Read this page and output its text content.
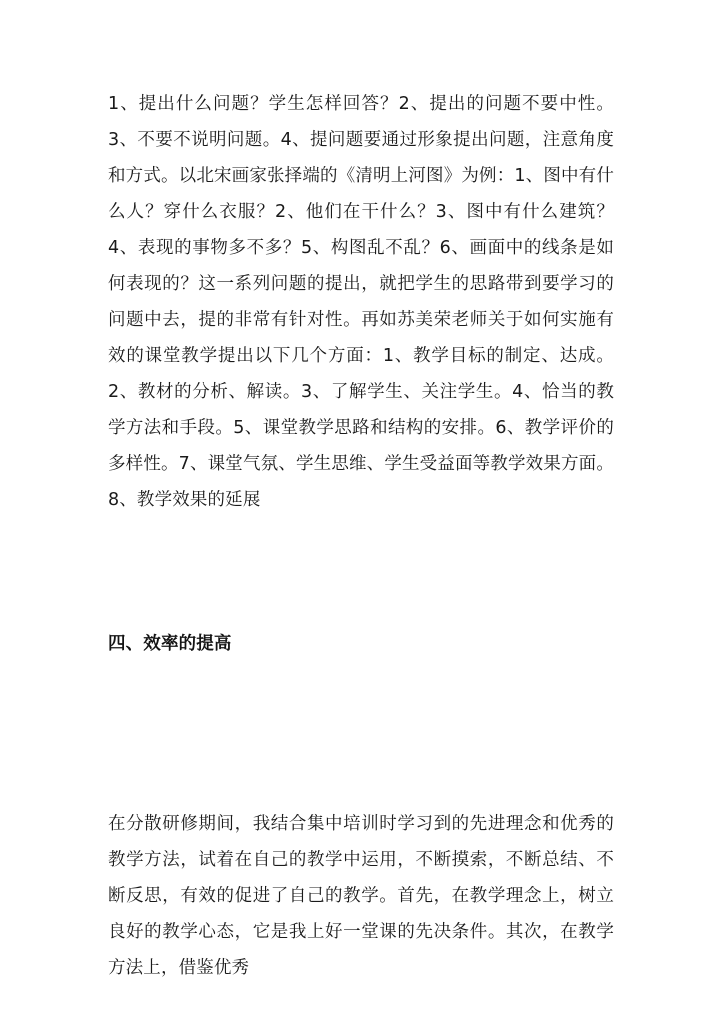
1、提出什么问题？学生怎样回答？2、提出的问题不要中性。3、不要不说明问题。4、提问题要通过形象提出问题，注意角度和方式。以北宋画家张择端的《清明上河图》为例：1、图中有什么人？穿什么衣服？2、他们在干什么？3、图中有什么建筑？4、表现的事物多不多？5、构图乱不乱？6、画面中的线条是如何表现的？这一系列问题的提出，就把学生的思路带到要学习的问题中去，提的非常有针对性。再如苏美荣老师关于如何实施有效的课堂教学提出以下几个方面：1、教学目标的制定、达成。2、教材的分析、解读。3、了解学生、关注学生。4、恰当的教学方法和手段。5、课堂教学思路和结构的安排。6、教学评价的多样性。7、课堂气氛、学生思维、学生受益面等教学效果方面。8、教学效果的延展

四、效率的提高

在分散研修期间，我结合集中培训时学习到的先进理念和优秀的教学方法，试着在自己的教学中运用，不断摸索，不断总结、不断反思，有效的促进了自己的教学。首先，在教学理念上，树立良好的教学心态，它是我上好一堂课的先决条件。其次，在教学方法上，借鉴优秀
